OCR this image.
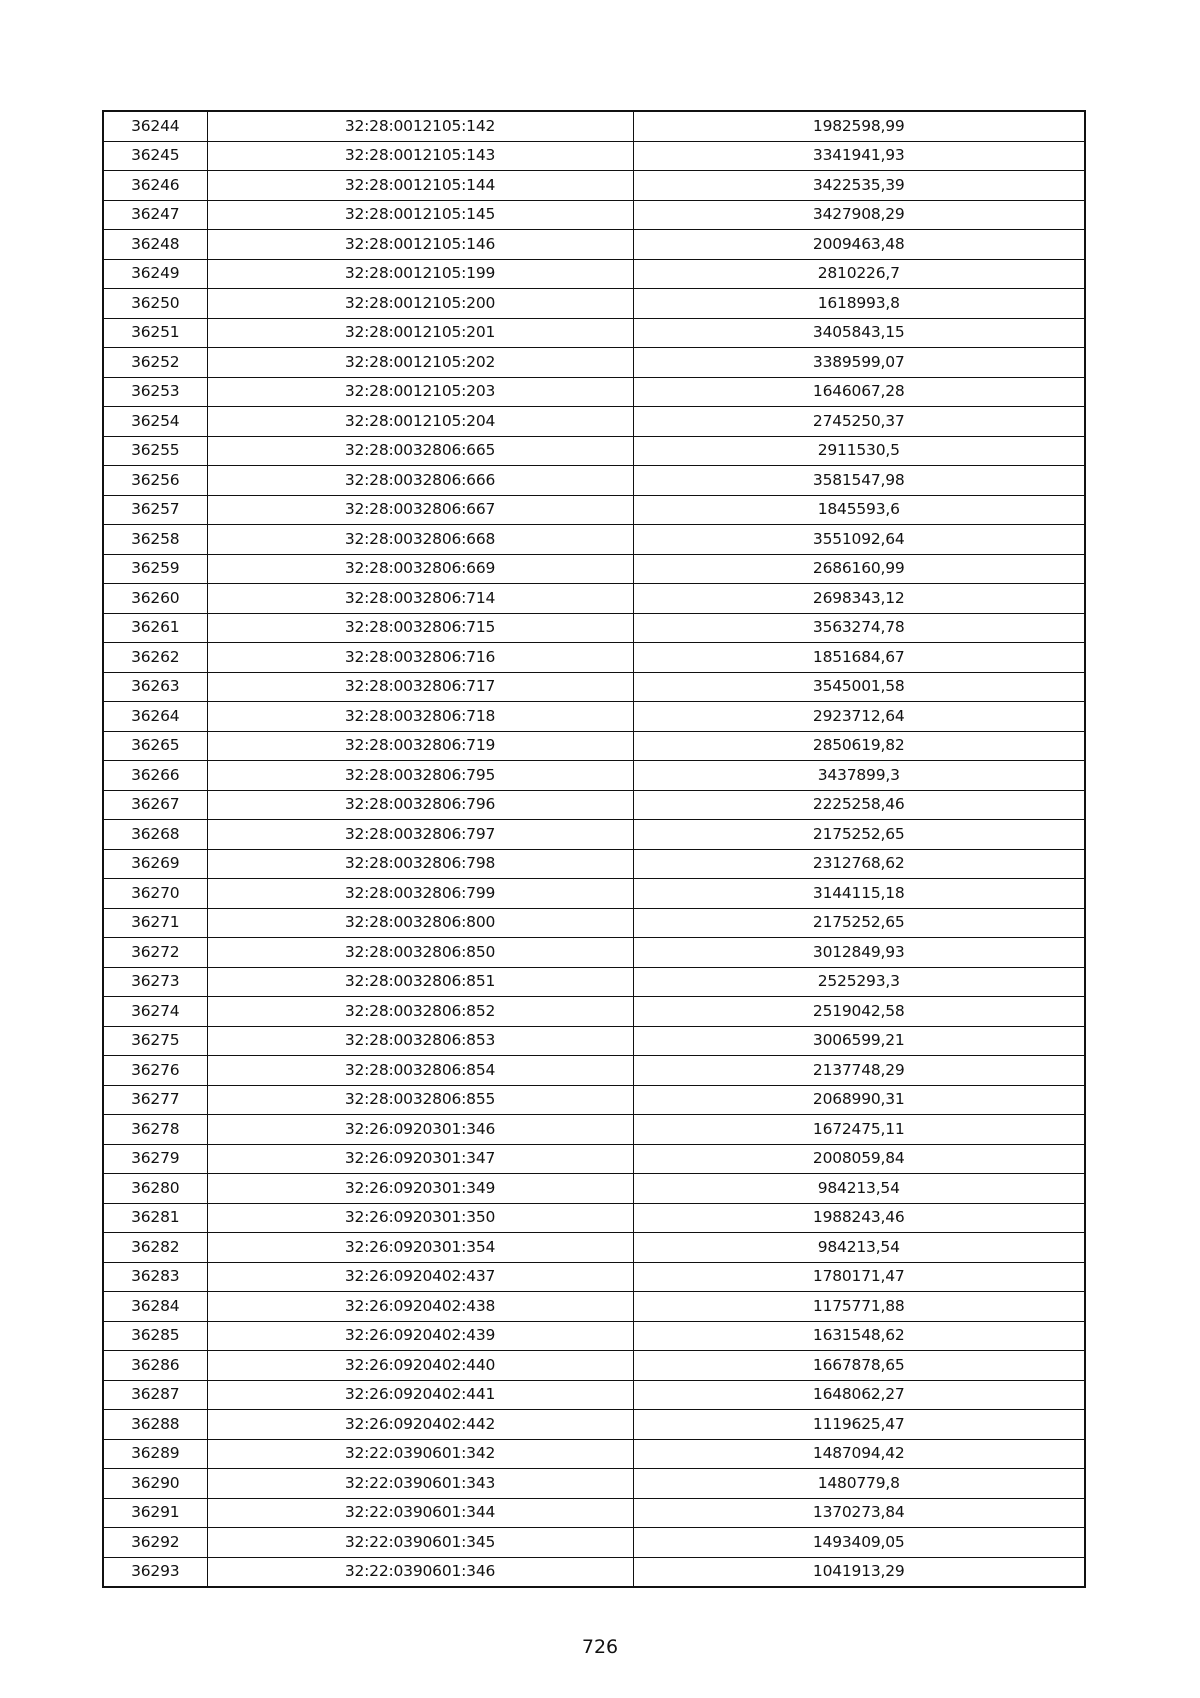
36244	32:28:0012105:142	1982598,99
36245	32:28:0012105:143	3341941,93
36246	32:28:0012105:144	3422535,39
36247	32:28:0012105:145	3427908,29
36248	32:28:0012105:146	2009463,48
36249	32:28:0012105:199	2810226,7
36250	32:28:0012105:200	1618993,8
36251	32:28:0012105:201	3405843,15
36252	32:28:0012105:202	3389599,07
36253	32:28:0012105:203	1646067,28
36254	32:28:0012105:204	2745250,37
36255	32:28:0032806:665	2911530,5
36256	32:28:0032806:666	3581547,98
36257	32:28:0032806:667	1845593,6
36258	32:28:0032806:668	3551092,64
36259	32:28:0032806:669	2686160,99
36260	32:28:0032806:714	2698343,12
36261	32:28:0032806:715	3563274,78
36262	32:28:0032806:716	1851684,67
36263	32:28:0032806:717	3545001,58
36264	32:28:0032806:718	2923712,64
36265	32:28:0032806:719	2850619,82
36266	32:28:0032806:795	3437899,3
36267	32:28:0032806:796	2225258,46
36268	32:28:0032806:797	2175252,65
36269	32:28:0032806:798	2312768,62
36270	32:28:0032806:799	3144115,18
36271	32:28:0032806:800	2175252,65
36272	32:28:0032806:850	3012849,93
36273	32:28:0032806:851	2525293,3
36274	32:28:0032806:852	2519042,58
36275	32:28:0032806:853	3006599,21
36276	32:28:0032806:854	2137748,29
36277	32:28:0032806:855	2068990,31
36278	32:26:0920301:346	1672475,11
36279	32:26:0920301:347	2008059,84
36280	32:26:0920301:349	984213,54
36281	32:26:0920301:350	1988243,46
36282	32:26:0920301:354	984213,54
36283	32:26:0920402:437	1780171,47
36284	32:26:0920402:438	1175771,88
36285	32:26:0920402:439	1631548,62
36286	32:26:0920402:440	1667878,65
36287	32:26:0920402:441	1648062,27
36288	32:26:0920402:442	1119625,47
36289	32:22:0390601:342	1487094,42
36290	32:22:0390601:343	1480779,8
36291	32:22:0390601:344	1370273,84
36292	32:22:0390601:345	1493409,05
36293	32:22:0390601:346	1041913,29
726
